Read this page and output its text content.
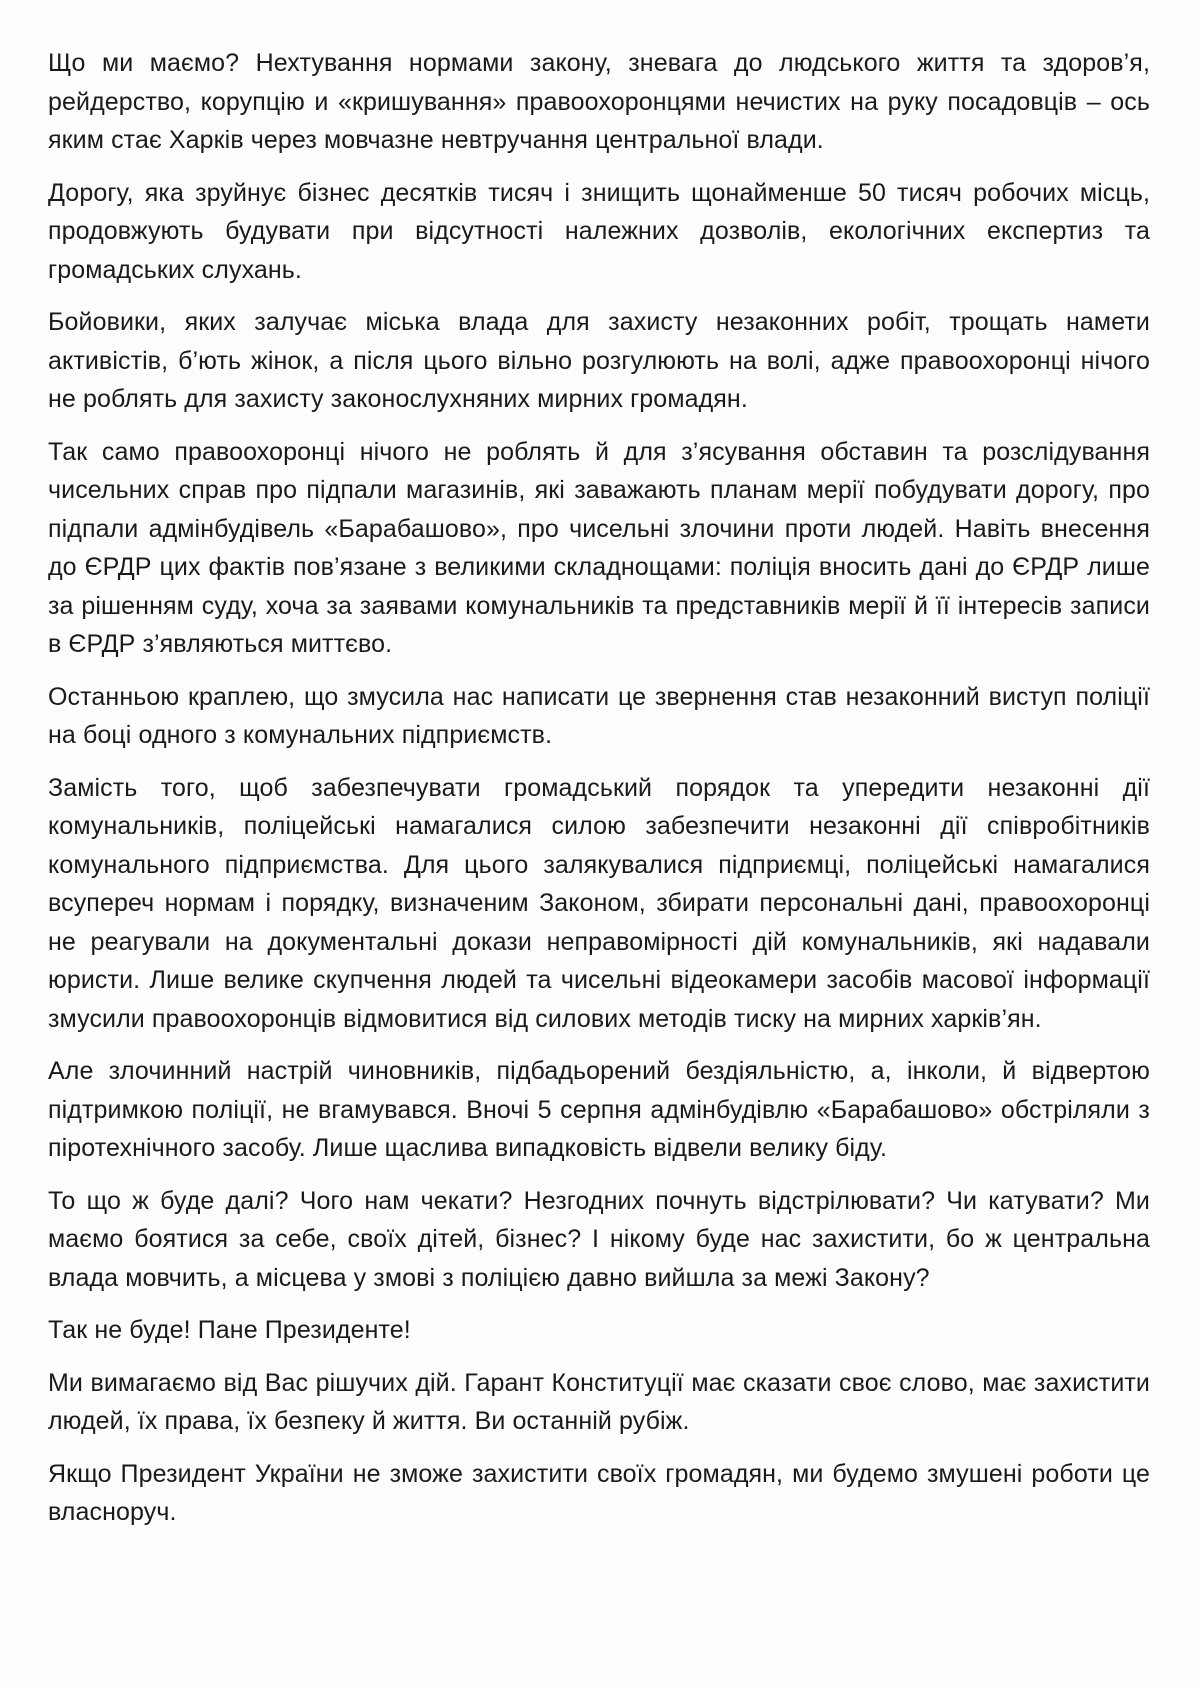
Що ми маємо? Нехтування нормами закону, зневага до людського життя та здоров’я, рейдерство, корупцію и «кришування» правоохоронцями нечистих на руку посадовців – ось яким стає Харків через мовчазне невтручання центральної влади.

Дорогу, яка зруйнує бізнес десятків тисяч і знищить щонайменше 50 тисяч робочих місць, продовжують будувати при відсутності належних дозволів, екологічних експертиз та громадських слухань.

Бойовики, яких залучає міська влада для захисту незаконних робіт, трощать намети активістів, б’ють жінок, а після цього вільно розгулюють на волі, адже правоохоронці нічого не роблять для захисту законослухняних мирних громадян.

Так само правоохоронці нічого не роблять й для з’ясування обставин та розслідування чисельних справ про підпали магазинів, які заважають планам мерії побудувати дорогу, про підпали адмінбудівель «Барабашово», про чисельні злочини проти людей. Навіть внесення до ЄРДР цих фактів пов’язане з великими складнощами: поліція вносить дані до ЄРДР лише за рішенням суду, хоча за заявами комунальників та представників мерії й її інтересів записи в ЄРДР з’являються миттєво.

Останньою краплею, що змусила нас написати це звернення став незаконний виступ поліції на боці одного з комунальних підприємств.

Замість того, щоб забезпечувати громадський порядок та упередити незаконні дії комунальників, поліцейські намагалися силою забезпечити незаконні дії співробітників комунального підприємства. Для цього залякувалися підприємці, поліцейські намагалися всупереч нормам і порядку, визначеним Законом, збирати персональні дані, правоохоронці не реагували на документальні докази неправомірності дій комунальників, які надавали юристи. Лише велике скупчення людей та чисельні відеокамери засобів масової інформації змусили правоохоронців відмовитися від силових методів тиску на мирних харків’ян.

Але злочинний настрій чиновників, підбадьорений бездіяльністю, а, інколи, й відвертою підтримкою поліції, не вгамувався. Вночі 5 серпня адмінбудівлю «Барабашово» обстріляли з піротехнічного засобу. Лише щаслива випадковість відвели велику біду.

То що ж буде далі? Чого нам чекати? Незгодних почнуть відстрілювати? Чи катувати? Ми маємо боятися за себе, своїх дітей, бізнес? І нікому буде нас захистити, бо ж центральна влада мовчить, а місцева у змові з поліцією давно вийшла за межі Закону?

Так не буде! Пане Президенте!

Ми вимагаємо від Вас рішучих дій. Гарант Конституції має сказати своє слово, має захистити людей, їх права, їх безпеку й життя. Ви останній рубіж.

Якщо Президент України не зможе захистити своїх громадян, ми будемо змушені роботи це власноруч.
